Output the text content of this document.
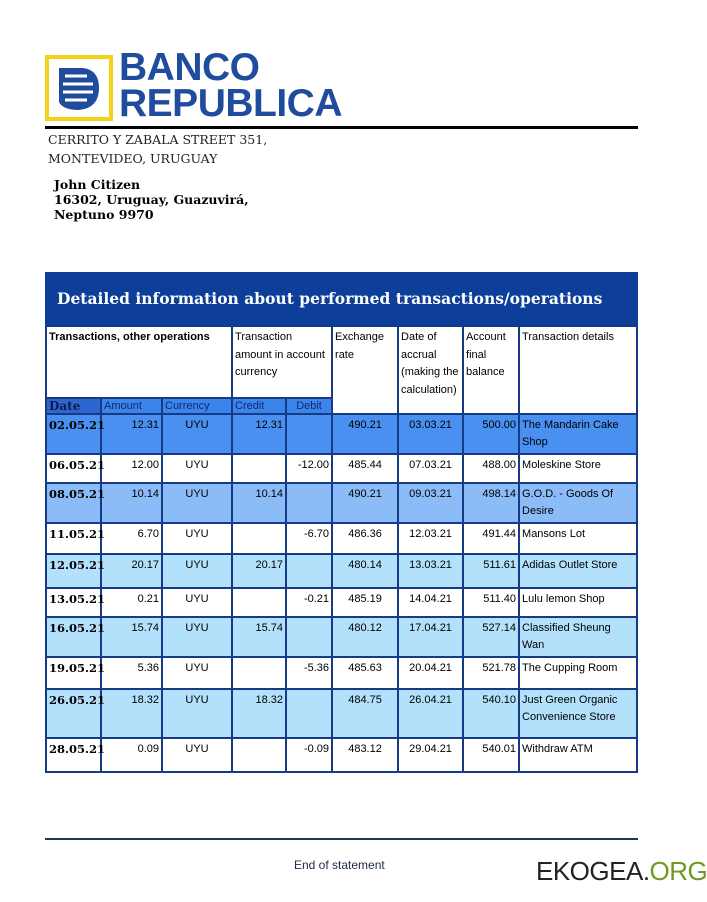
BANCO
REPUBLICA
CERRITO Y ZABALA STREET 351,
MONTEVIDEO, URUGUAY
John Citizen
16302, Uruguay, Guazuvirá,
Neptuno 9970
Detailed information about performed transactions/operations
Transactions, other operations			Transaction amount in account currency		Exchange rate	Date of accrual (making the calculation)	Account final balance	Transaction details
Date	Amount	Currency	Credit	Debit				
02.05.21	12.31	UYU	12.31		490.21	03.03.21	500.00	The Mandarin Cake Shop
06.05.21	12.00	UYU		-12.00	485.44	07.03.21	488.00	Moleskine Store
08.05.21	10.14	UYU	10.14		490.21	09.03.21	498.14	G.O.D. - Goods Of Desire
11.05.21	6.70	UYU		-6.70	486.36	12.03.21	491.44	Mansons Lot
12.05.21	20.17	UYU	20.17		480.14	13.03.21	511.61	Adidas Outlet Store
13.05.21	0.21	UYU		-0.21	485.19	14.04.21	511.40	Lulu lemon Shop
16.05.21	15.74	UYU	15.74		480.12	17.04.21	527.14	Classified Sheung Wan
19.05.21	5.36	UYU		-5.36	485.63	20.04.21	521.78	The Cupping Room
26.05.21	18.32	UYU	18.32		484.75	26.04.21	540.10	Just Green Organic Convenience Store
28.05.21	0.09	UYU		-0.09	483.12	29.04.21	540.01	Withdraw ATM
End of statement	EKOGEA.ORG
